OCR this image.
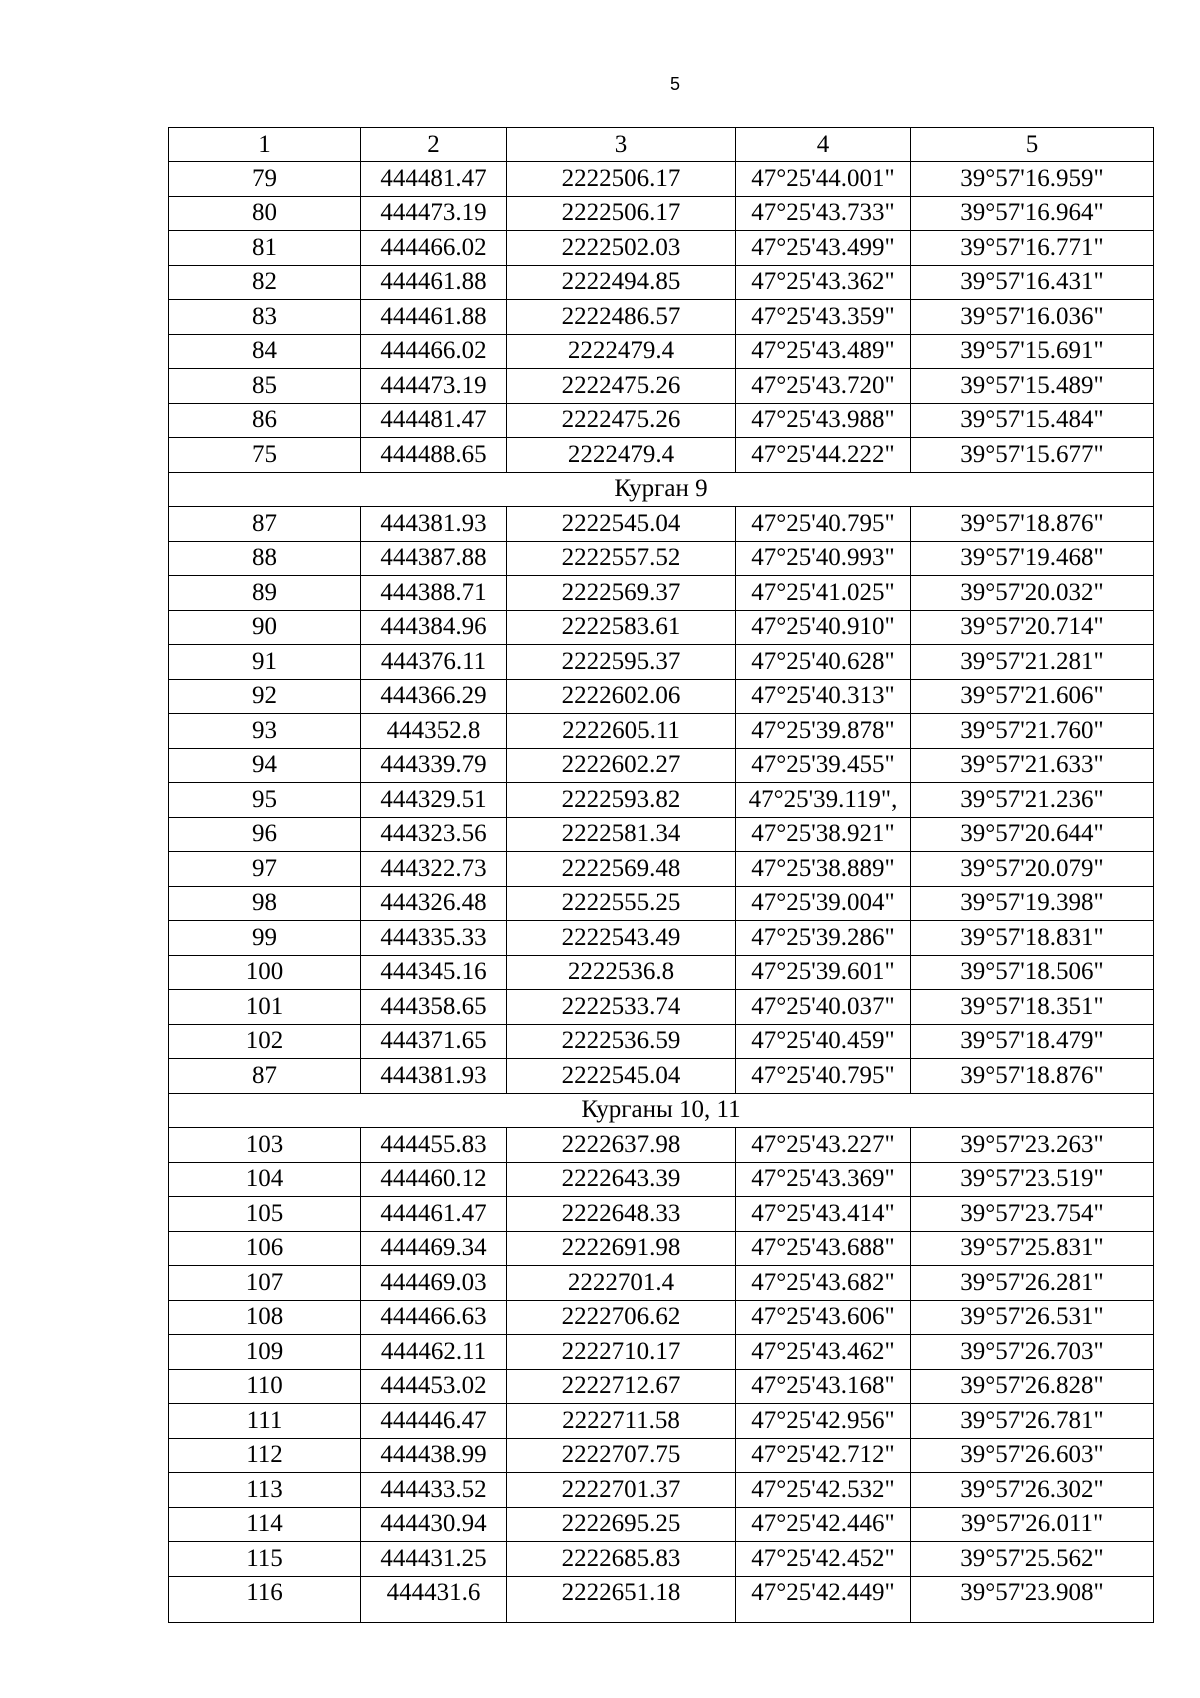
5
1	2	3	4	5
79	444481.47	2222506.17	47°25'44.001"	39°57'16.959"
80	444473.19	2222506.17	47°25'43.733"	39°57'16.964"
81	444466.02	2222502.03	47°25'43.499"	39°57'16.771"
82	444461.88	2222494.85	47°25'43.362"	39°57'16.431"
83	444461.88	2222486.57	47°25'43.359"	39°57'16.036"
84	444466.02	2222479.4	47°25'43.489"	39°57'15.691"
85	444473.19	2222475.26	47°25'43.720"	39°57'15.489"
86	444481.47	2222475.26	47°25'43.988"	39°57'15.484"
75	444488.65	2222479.4	47°25'44.222"	39°57'15.677"
Курган 9				
87	444381.93	2222545.04	47°25'40.795"	39°57'18.876"
88	444387.88	2222557.52	47°25'40.993"	39°57'19.468"
89	444388.71	2222569.37	47°25'41.025"	39°57'20.032"
90	444384.96	2222583.61	47°25'40.910"	39°57'20.714"
91	444376.11	2222595.37	47°25'40.628"	39°57'21.281"
92	444366.29	2222602.06	47°25'40.313"	39°57'21.606"
93	444352.8	2222605.11	47°25'39.878"	39°57'21.760"
94	444339.79	2222602.27	47°25'39.455"	39°57'21.633"
95	444329.51	2222593.82	47°25'39.119",	39°57'21.236"
96	444323.56	2222581.34	47°25'38.921"	39°57'20.644"
97	444322.73	2222569.48	47°25'38.889"	39°57'20.079"
98	444326.48	2222555.25	47°25'39.004"	39°57'19.398"
99	444335.33	2222543.49	47°25'39.286"	39°57'18.831"
100	444345.16	2222536.8	47°25'39.601"	39°57'18.506"
101	444358.65	2222533.74	47°25'40.037"	39°57'18.351"
102	444371.65	2222536.59	47°25'40.459"	39°57'18.479"
87	444381.93	2222545.04	47°25'40.795"	39°57'18.876"
Курганы 10, 11				
103	444455.83	2222637.98	47°25'43.227"	39°57'23.263"
104	444460.12	2222643.39	47°25'43.369"	39°57'23.519"
105	444461.47	2222648.33	47°25'43.414"	39°57'23.754"
106	444469.34	2222691.98	47°25'43.688"	39°57'25.831"
107	444469.03	2222701.4	47°25'43.682"	39°57'26.281"
108	444466.63	2222706.62	47°25'43.606"	39°57'26.531"
109	444462.11	2222710.17	47°25'43.462"	39°57'26.703"
110	444453.02	2222712.67	47°25'43.168"	39°57'26.828"
111	444446.47	2222711.58	47°25'42.956"	39°57'26.781"
112	444438.99	2222707.75	47°25'42.712"	39°57'26.603"
113	444433.52	2222701.37	47°25'42.532"	39°57'26.302"
114	444430.94	2222695.25	47°25'42.446"	39°57'26.011"
115	444431.25	2222685.83	47°25'42.452"	39°57'25.562"
116	444431.6	2222651.18	47°25'42.449"	39°57'23.908"
